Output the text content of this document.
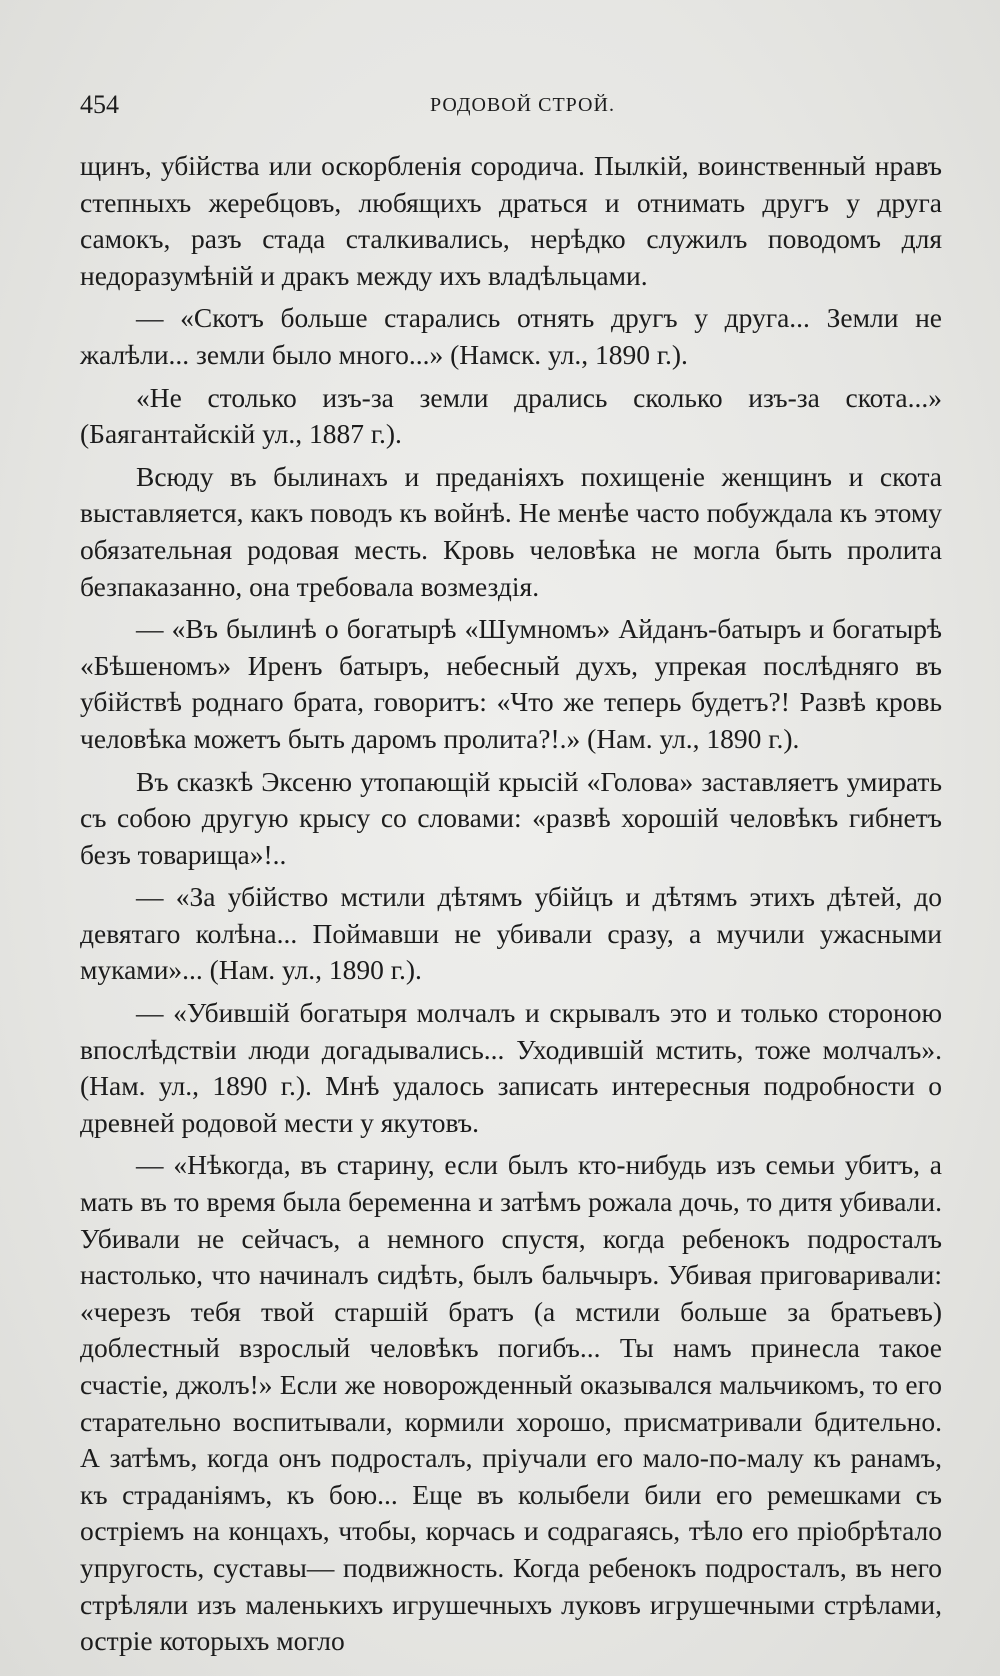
454	РОДОВОЙ СТРОЙ.

щинъ, убійства или оскорбленія сородича. Пылкій, воинственный нравъ степныхъ жеребцовъ, любящихъ драться и отнимать другъ у друга самокъ, разъ стада сталкивались, нерѣдко служилъ поводомъ для недоразумѣній и дракъ между ихъ владѣльцами.

— «Скотъ больше старались отнять другъ у друга... Земли не жалѣли... земли было много...» (Намск. ул., 1890 г.).

«Не столько изъ-за земли дрались сколько изъ-за скота...» (Баягантайскій ул., 1887 г.).

Всюду въ былинахъ и преданіяхъ похищеніе женщинъ и скота выставляется, какъ поводъ къ войнѣ. Не менѣе часто побуждала къ этому обязательная родовая месть. Кровь человѣка не могла быть пролита безпаказанно, она требовала возмездія.

— «Въ былинѣ о богатырѣ «Шумномъ» Айданъ-батыръ и богатырѣ «Бѣшеномъ» Иренъ батыръ, небесный духъ, упрекая послѣдняго въ убійствѣ роднаго брата, говоритъ: «Что же теперь будетъ?! Развѣ кровь человѣка можетъ быть даромъ пролита?!.» (Нам. ул., 1890 г.).

Въ сказкѣ Эксеню утопающій крысій «Голова» заставляетъ умирать съ собою другую крысу со словами: «развѣ хорошій человѣкъ гибнетъ безъ товарища»!..

— «За убійство мстили дѣтямъ убійцъ и дѣтямъ этихъ дѣтей, до девятаго колѣна... Поймавши не убивали сразу, а мучили ужасными муками»... (Нам. ул., 1890 г.).

— «Убившій богатыря молчалъ и скрывалъ это и только стороною впослѣдствіи люди догадывались... Уходившій мстить, тоже молчалъ». (Нам. ул., 1890 г.). Мнѣ удалось записать интересныя подробности о древней родовой мести у якутовъ.

— «Нѣкогда, въ старину, если былъ кто-нибудь изъ семьи убитъ, а мать въ то время была беременна и затѣмъ рожала дочь, то дитя убивали. Убивали не сейчасъ, а немного спустя, когда ребенокъ подросталъ настолько, что начиналъ сидѣть, былъ бальчыръ. Убивая приговаривали: «черезъ тебя твой старшій братъ (а мстили больше за братьевъ) доблестный взрослый человѣкъ погибъ... Ты намъ принесла такое счастіе, джолъ!» Если же новорожденный оказывался мальчикомъ, то его старательно воспитывали, кормили хорошо, присматривали бдительно. А затѣмъ, когда онъ подросталъ, пріучали его мало-по-малу къ ранамъ, къ страданіямъ, къ бою... Еще въ колыбели били его ремешками съ остріемъ на концахъ, чтобы, корчась и содрагаясь, тѣло его пріобрѣтало упругость, суставы— подвижность. Когда ребенокъ подросталъ, въ него стрѣляли изъ маленькихъ игрушечныхъ луковъ игрушечными стрѣлами, остріе которыхъ могло
